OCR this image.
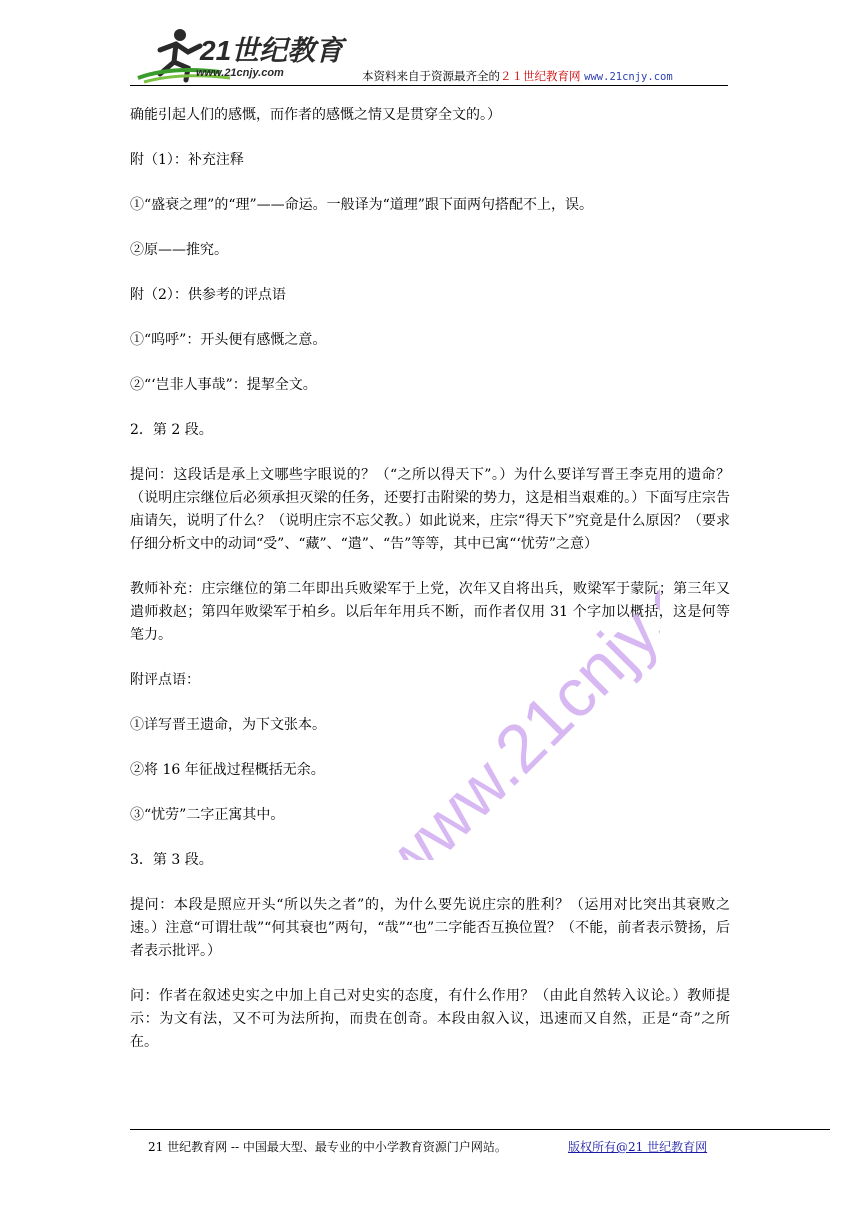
21世纪教育
www.21cnjy.com	本资料来自于资源最齐全的２１世纪教育网 www.21cnjy.com

确能引起人们的感慨，而作者的感慨之情又是贯穿全文的。）

附（1）：补充注释

①“盛衰之理”的“理”——命运。一般译为“道理”跟下面两句搭配不上，误。

②原——推究。

附（2）：供参考的评点语

①“呜呼”：开头便有感慨之意。

②“‘岂非人事哉”：提挈全文。

2．第 2 段。

提问：这段话是承上文哪些字眼说的？（“之所以得天下”。）为什么要详写晋王李克用的遗命？（说明庄宗继位后必须承担灭梁的任务，还要打击附梁的势力，这是相当艰难的。）下面写庄宗告庙请矢，说明了什么？（说明庄宗不忘父教。）如此说来，庄宗“得天下”究竟是什么原因？（要求仔细分析文中的动词“受”、“藏”、“遣”、“告”等等，其中已寓“‘忧劳”之意）

教师补充：庄宗继位的第二年即出兵败梁军于上党，次年又自将出兵，败梁军于蒙阮；第三年又遣师救赵；第四年败梁军于柏乡。以后年年用兵不断，而作者仅用 31 个字加以概括，这是何等笔力。

附评点语：

①详写晋王遗命，为下文张本。

②将 16 年征战过程概括无余。

③“忧劳”二字正寓其中。

3．第 3 段。

提问：本段是照应开头“所以失之者”的，为什么要先说庄宗的胜利？（运用对比突出其衰败之速。）注意“可谓壮哉”“何其衰也”两句，“哉”“也”二字能否互换位置？（不能，前者表示赞扬，后者表示批评。）

问：作者在叙述史实之中加上自己对史实的态度，有什么作用？（由此自然转入议论。）教师提示：为文有法，又不可为法所拘，而贵在创奇。本段由叙入议，迅速而又自然，正是“奇”之所在。

www.21cnjy.com
21 世纪教育网 -- 中国最大型、最专业的中小学教育资源门户网站。	版权所有@21 世纪教育网
